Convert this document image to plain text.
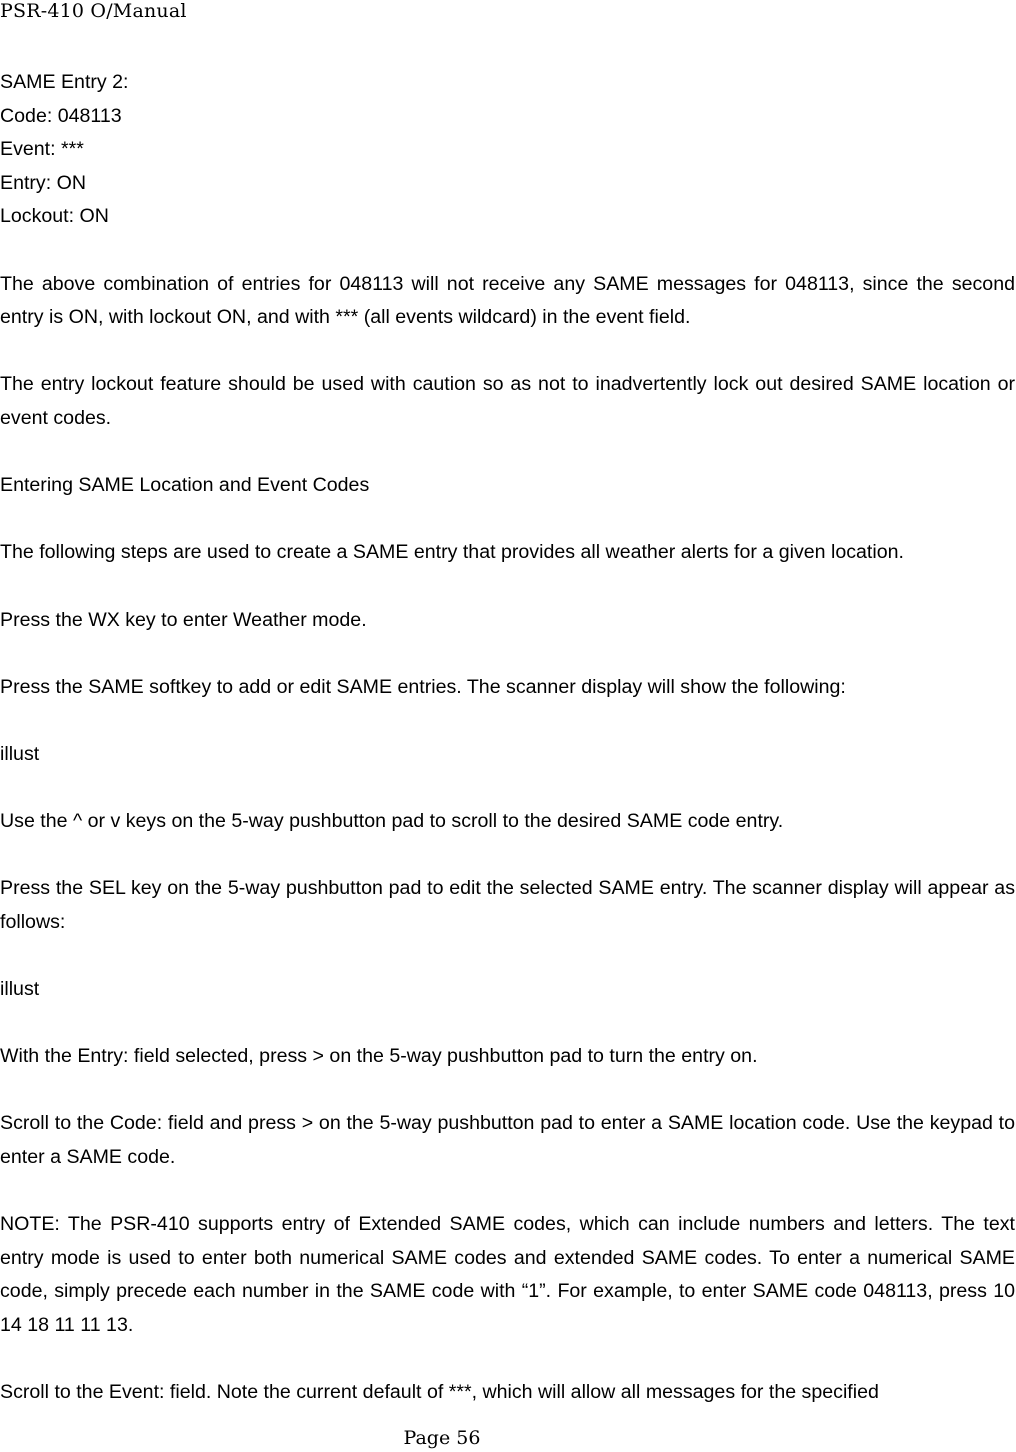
PSR-410 O/Manual

SAME Entry 2:
Code: 048113
Event: ***
Entry: ON
Lockout: ON

The above combination of entries for 048113 will not receive any SAME messages for 048113, since the second entry is ON, with lockout ON, and with *** (all events wildcard) in the event field.

The entry lockout feature should be used with caution so as not to inadvertently lock out desired SAME location or event codes.

Entering SAME Location and Event Codes

The following steps are used to create a SAME entry that provides all weather alerts for a given location.

Press the WX key to enter Weather mode.

Press the SAME softkey to add or edit SAME entries. The scanner display will show the following:

illust

Use the ^ or v keys on the 5-way pushbutton pad to scroll to the desired SAME code entry.

Press the SEL key on the 5-way pushbutton pad to edit the selected SAME entry. The scanner display will appear as follows:

illust

With the Entry: field selected, press > on the 5-way pushbutton pad to turn the entry on.

Scroll to the Code: field and press > on the 5-way pushbutton pad to enter a SAME location code. Use the keypad to enter a SAME code.

NOTE: The PSR-410 supports entry of Extended SAME codes, which can include numbers and letters. The text entry mode is used to enter both numerical SAME codes and extended SAME codes. To enter a numerical SAME code, simply precede each number in the SAME code with “1”. For example, to enter SAME code 048113, press 10 14 18 11 11 13.

Scroll to the Event: field. Note the current default of ***, which will allow all messages for the specified

Page 56
